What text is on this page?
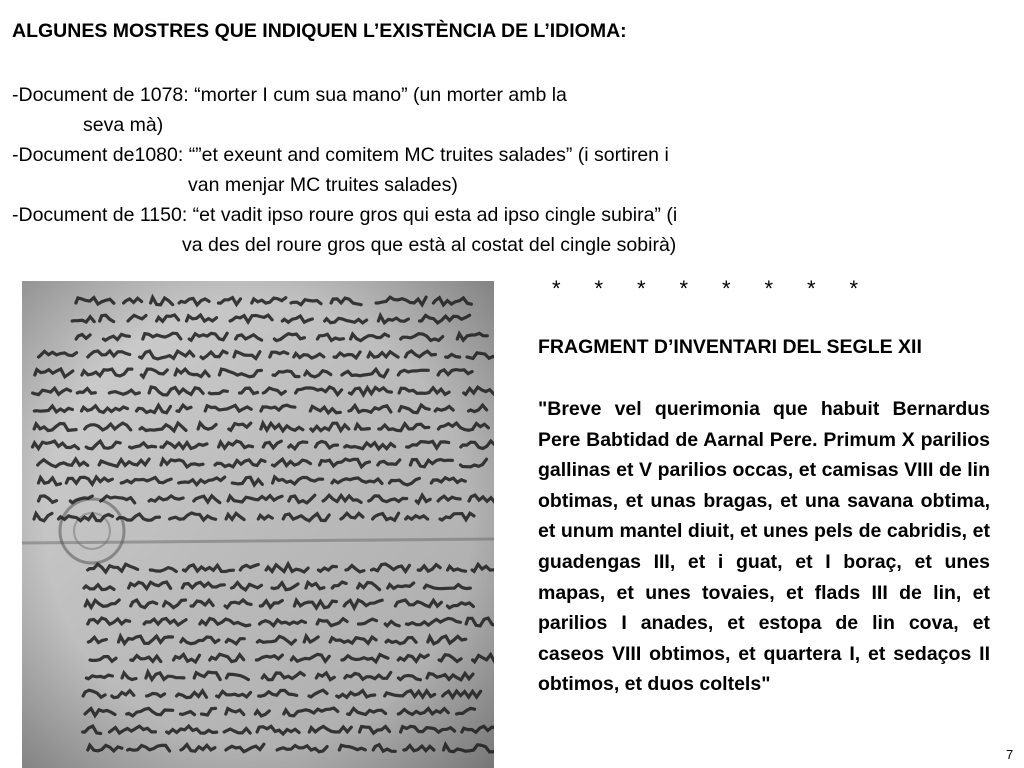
ALGUNES MOSTRES QUE INDIQUEN L’EXISTÈNCIA DE L’IDIOMA:
-Document de 1078: “morter I cum sua mano” (un morter amb la
seva mà)
-Document de1080: “”et exeunt and comitem MC truites salades” (i sortiren i
van menjar MC truites salades)
-Document de 1150: “et vadit ipso roure gros qui esta ad ipso cingle subira” (i
va des del roure gros que està al costat del cingle sobirà)
* * * * * * * *
FRAGMENT D’INVENTARI DEL SEGLE XII

"Breve vel querimonia que habuit Bernardus Pere Babtidad de Aarnal Pere. Primum X parilios gallinas et V parilios occas, et camisas VIII de lin obtimas, et unas bragas, et una savana obtima, et unum mantel diuit, et unes pels de cabridis, et guadengas III, et i guat, et I boraç, et unes mapas, et unes tovaies, et flads III de lin, et parilios I anades, et estopa de lin cova, et caseos VIII obtimos, et quartera I, et sedaços II obtimos, et duos coltels"

7
